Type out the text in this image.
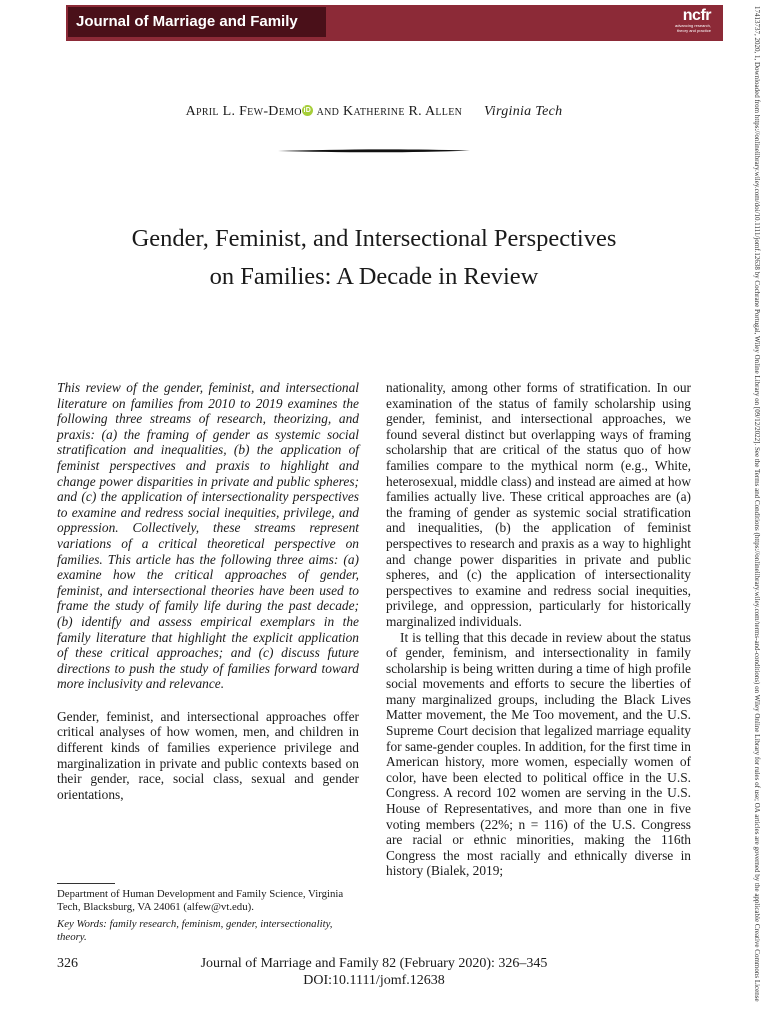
Journal of Marriage and Family	ncfr
advancing research,
theory and practice	17413737, 2020, 1, Downloaded from https://onlinelibrary.wiley.com/doi/10.1111/jomf.12638 by Cochrane Portugal, Wiley Online Library on [09/12/2022]. See the Terms and Conditions (https://onlinelibrary.wiley.com/terms-and-conditions) on Wiley Online Library for rules of use; OA articles are governed by the applicable Creative Commons License
April L. Few-Demo iD and Katherine R. Allen Virginia Tech
Gender, Feminist, and Intersectional Perspectives
on Families: A Decade in Review

This review of the gender, feminist, and intersectional literature on families from 2010 to 2019 examines the following three streams of research, theorizing, and praxis: (a) the framing of gender as systemic social stratification and inequalities, (b) the application of feminist perspectives and praxis to highlight and change power disparities in private and public spheres; and (c) the application of intersectionality perspectives to examine and redress social inequities, privilege, and oppression. Collectively, these streams represent variations of a critical theoretical perspective on families. This article has the following three aims: (a) examine how the critical approaches of gender, feminist, and intersectional theories have been used to frame the study of family life during the past decade; (b) identify and assess empirical exemplars in the family literature that highlight the explicit application of these critical approaches; and (c) discuss future directions to push the study of families forward toward more inclusivity and relevance.

Gender, feminist, and intersectional approaches offer critical analyses of how women, men, and children in different kinds of families experience privilege and marginalization in private and public contexts based on their gender, race, social class, sexual and gender orientations,

Department of Human Development and Family Science, Virginia Tech, Blacksburg, VA 24061 (alfew@vt.edu).
Key Words: family research, feminism, gender, intersectionality, theory.

nationality, among other forms of stratification. In our examination of the status of family scholarship using gender, feminist, and intersectional approaches, we found several distinct but overlapping ways of framing scholarship that are critical of the status quo of how families compare to the mythical norm (e.g., White, heterosexual, middle class) and instead are aimed at how families actually live. These critical approaches are (a) the framing of gender as systemic social stratification and inequalities, (b) the application of feminist perspectives to research and praxis as a way to highlight and change power disparities in private and public spheres, and (c) the application of intersectionality perspectives to examine and redress social inequities, privilege, and oppression, particularly for historically marginalized individuals.

It is telling that this decade in review about the status of gender, feminism, and intersectionality in family scholarship is being written during a time of high profile social movements and efforts to secure the liberties of many marginalized groups, including the Black Lives Matter movement, the Me Too movement, and the U.S. Supreme Court decision that legalized marriage equality for same-gender couples. In addition, for the first time in American history, more women, especially women of color, have been elected to political office in the U.S. Congress. A record 102 women are serving in the U.S. House of Representatives, and more than one in five voting members (22%; n = 116) of the U.S. Congress are racial or ethnic minorities, making the 116th Congress the most racially and ethnically diverse in history (Bialek, 2019;

326	Journal of Marriage and Family 82 (February 2020): 326–345
DOI:10.1111/jomf.12638
